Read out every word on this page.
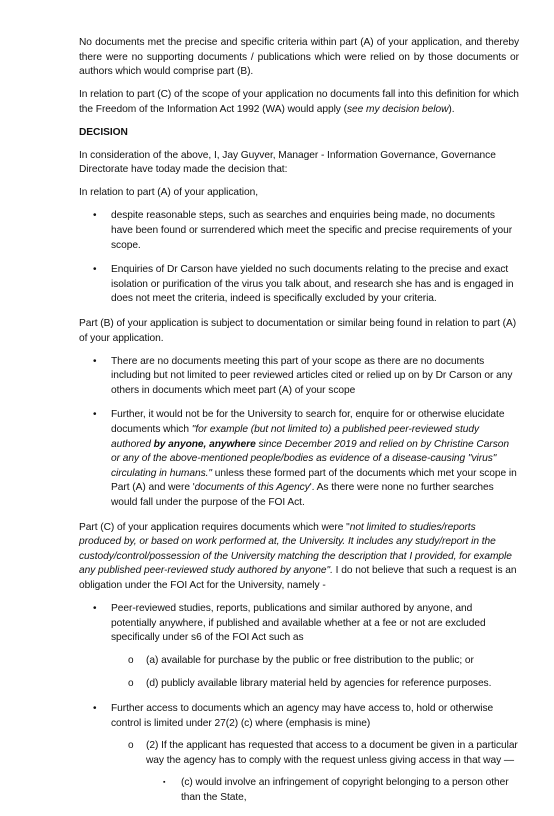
No documents met the precise and specific criteria within part (A) of your application, and thereby there were no supporting documents / publications which were relied on by those documents or authors which would comprise part (B).

In relation to part (C) of the scope of your application no documents fall into this definition for which the Freedom of the Information Act 1992 (WA) would apply (see my decision below).

DECISION

In consideration of the above, I, Jay Guyver, Manager - Information Governance, Governance Directorate have today made the decision that:

In relation to part (A) of your application,

• despite reasonable steps, such as searches and enquiries being made, no documents have been found or surrendered which meet the specific and precise requirements of your scope.
• Enquiries of Dr Carson have yielded no such documents relating to the precise and exact isolation or purification of the virus you talk about, and research she has and is engaged in does not meet the criteria, indeed is specifically excluded by your criteria.

Part (B) of your application is subject to documentation or similar being found in relation to part (A) of your application.

• There are no documents meeting this part of your scope as there are no documents including but not limited to peer reviewed articles cited or relied up on by Dr Carson or any others in documents which meet part (A) of your scope
• Further, it would not be for the University to search for, enquire for or otherwise elucidate documents which "for example (but not limited to) a published peer-reviewed study authored by anyone, anywhere since December 2019 and relied on by Christine Carson or any of the above-mentioned people/bodies as evidence of a disease-causing "virus" circulating in humans." unless these formed part of the documents which met your scope in Part (A) and were 'documents of this Agency'. As there were none no further searches would fall under the purpose of the FOI Act.

Part (C) of your application requires documents which were "not limited to studies/reports produced by, or based on work performed at, the University. It includes any study/report in the custody/control/possession of the University matching the description that I provided, for example any published peer-reviewed study authored by anyone". I do not believe that such a request is an obligation under the FOI Act for the University, namely -

• Peer-reviewed studies, reports, publications and similar authored by anyone, and potentially anywhere, if published and available whether at a fee or not are excluded specifically under s6 of the FOI Act such as
o (a) available for purchase by the public or free distribution to the public; or
o (d) publicly available library material held by agencies for reference purposes.
• Further access to documents which an agency may have access to, hold or otherwise control is limited under 27(2) (c) where (emphasis is mine)
o (2) If the applicant has requested that access to a document be given in a particular way the agency has to comply with the request unless giving access in that way —
▪ (c) would involve an infringement of copyright belonging to a person other than the State,
